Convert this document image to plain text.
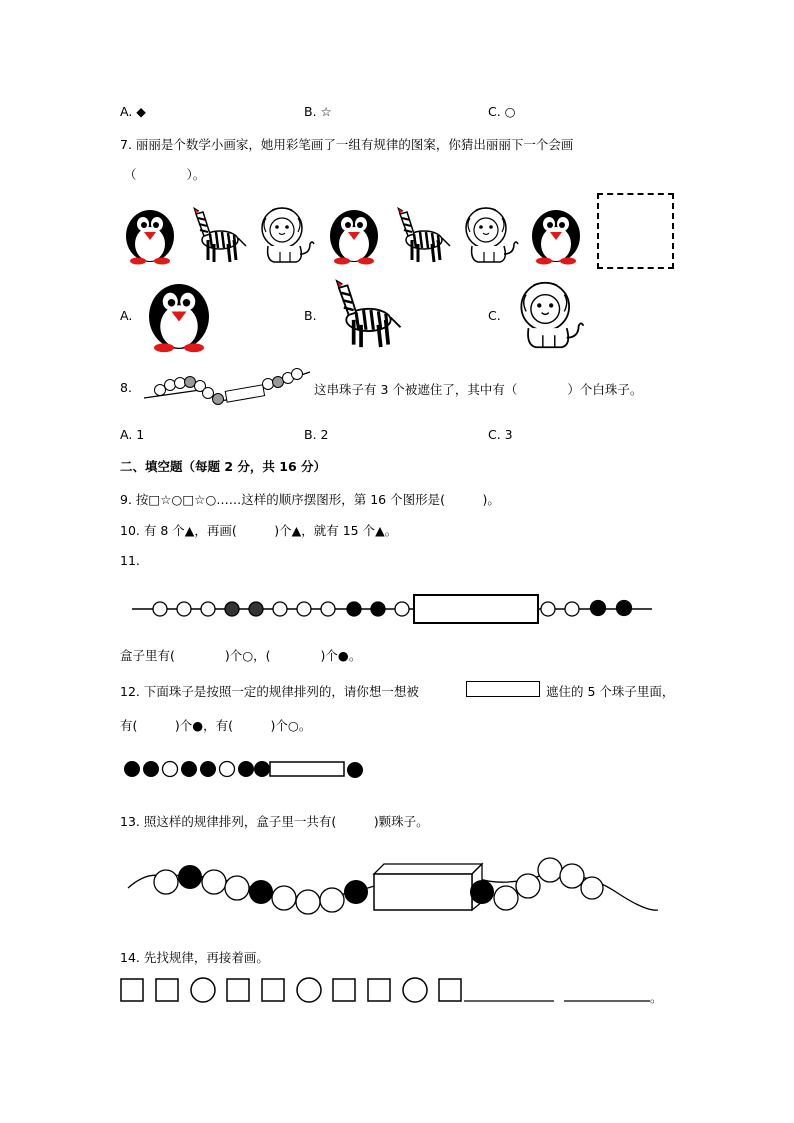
A. ◆	B. ☆	C. ○
7. 丽丽是个数学小画家，她用彩笔画了一组有规律的图案，你猜出丽丽下一个会画
（　　　　）。
A.	B.	C.
8.	这串珠子有 3 个被遮住了，其中有（　　　　）个白珠子。
A. 1	B. 2	C. 3
二、填空题（每题 2 分，共 16 分）
9. 按□☆○□☆○……这样的顺序摆图形，第 16 个图形是(　　　)。
10. 有 8 个▲，再画(　　　)个▲，就有 15 个▲。
11.
盒子里有(　　　　)个○，(　　　　)个●。
12. 下面珠子是按照一定的规律排列的，请你想一想被	遮住的 5 个珠子里面，
有(　　　)个●，有(　　　)个○。
13. 照这样的规律排列，盒子里一共有(　　　)颗珠子。
14. 先找规律，再接着画。
。
